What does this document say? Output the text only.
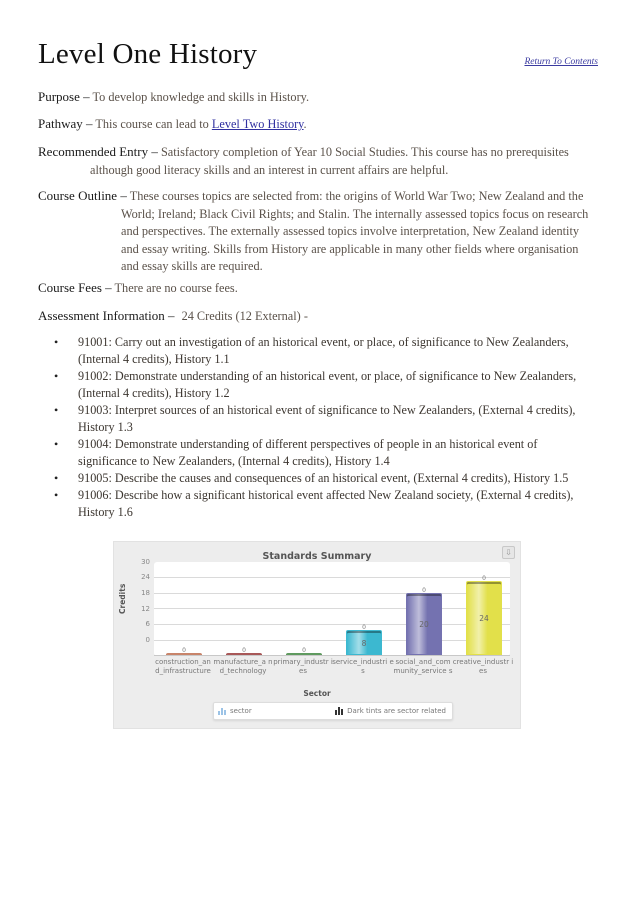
Level One History	Return To Contents
Purpose – To develop knowledge and skills in History.
Pathway – This course can lead to Level Two History.
Recommended Entry – Satisfactory completion of Year 10 Social Studies. This course has no prerequisites
although good literacy skills and an interest in current affairs are helpful.
Course Outline – These courses topics are selected from: the origins of World War Two; New Zealand and the
World; Ireland; Black Civil Rights; and Stalin. The internally assessed topics focus on research
and perspectives. The externally assessed topics involve interpretation, New Zealand identity
and essay writing. Skills from History are applicable in many other fields where organisation
and essay skills are required.
Course Fees – There are no course fees.
Assessment Information – 24 Credits (12 External) -
• 91001: Carry out an investigation of an historical event, or place, of significance to New Zealanders,
(Internal 4 credits), History 1.1
• 91002: Demonstrate understanding of an historical event, or place, of significance to New Zealanders,
(Internal 4 credits), History 1.2
• 91003: Interpret sources of an historical event of significance to New Zealanders, (External 4 credits),
History 1.3
• 91004: Demonstrate understanding of different perspectives of people in an historical event of
significance to New Zealanders, (Internal 4 credits), History 1.4
• 91005: Describe the causes and consequences of an historical event, (External 4 credits), History 1.5
• 91006: Describe how a significant historical event affected New Zealand society, (External 4 credits),
History 1.6
Standards Summary	⇩
Credits
30
24
18
12
6
0
0	0	0
0
8
0
20
0
24
construction_an d_infrastructure
manufacture_a nd_technology
primary_industr ies
service_industri es
social_and_com munity_service s
creative_industr ies
Sector
sector	Dark tints are sector related
